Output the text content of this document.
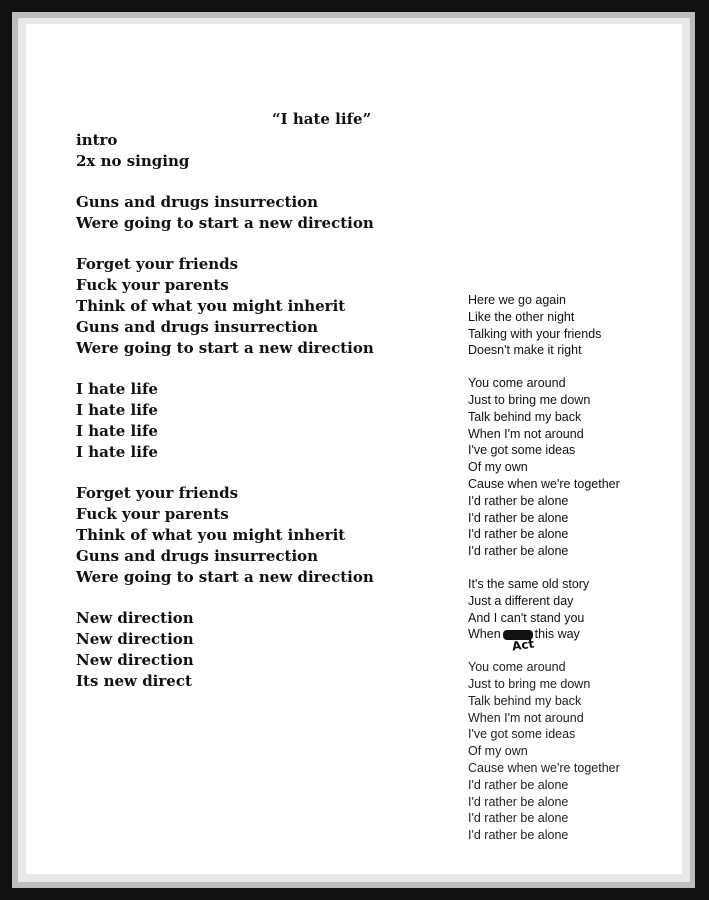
“I hate life”
intro
2x no singing
Guns and drugs insurrection
Were going to start a new direction
Forget your friends
Fuck your parents
Think of what you might inherit
Guns and drugs insurrection
Were going to start a new direction
I hate life
I hate life
I hate life
I hate life
Forget your friends
Fuck your parents
Think of what you might inherit
Guns and drugs insurrection
Were going to start a new direction
New direction
New direction
New direction
Its new direct
Here we go again
Like the other night
Talking with your friends
Doesn't make it right
You come around
Just to bring me down
Talk behind my back
When I'm not around
I've got some ideas
Of my own
Cause when we're together
I'd rather be alone
I'd rather be alone
I'd rather be alone
I'd rather be alone
It's the same old story
Just a different day
And I can't stand you
When	this way
You come around
Just to bring me down
Talk behind my back
When I'm not around
I've got some ideas
Of my own
Cause when we're together
I'd rather be alone
I'd rather be alone
I'd rather be alone
I'd rather be alone
Act
